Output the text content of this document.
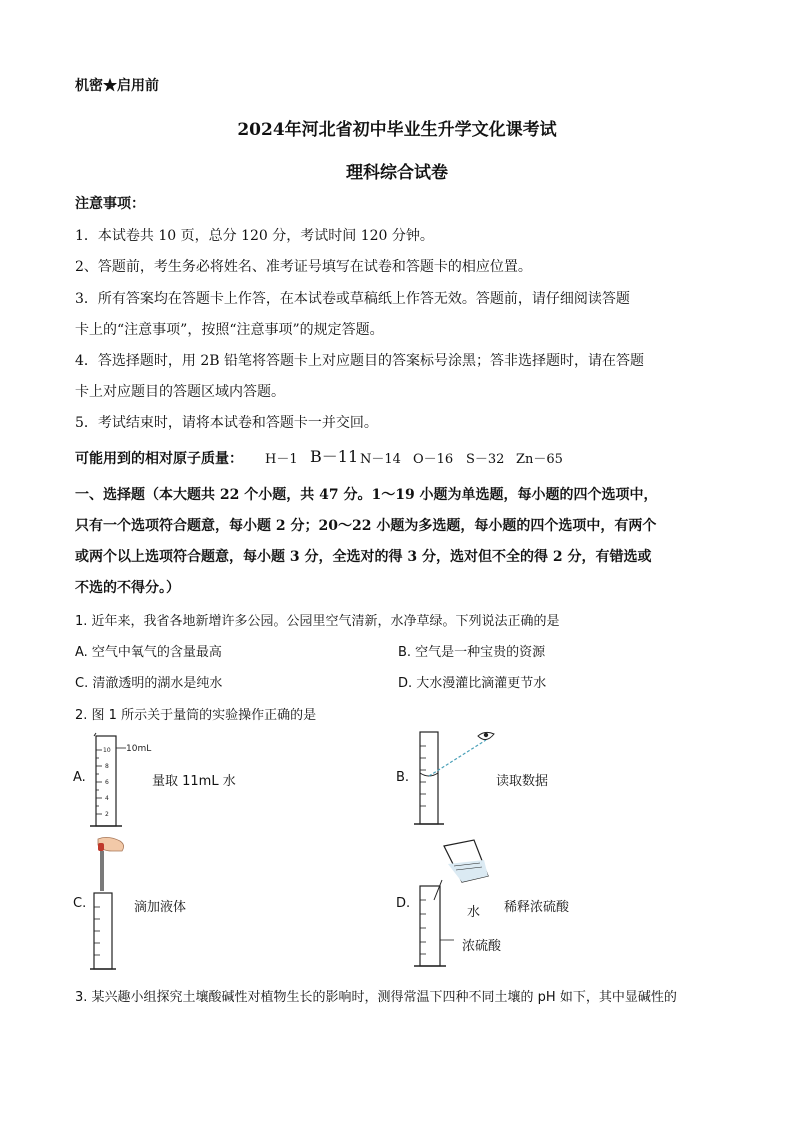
机密★启用前
2024年河北省初中毕业生升学文化课考试
理科综合试卷
注意事项：
1．本试卷共 10 页，总分 120 分，考试时间 120 分钟。
2、答题前，考生务必将姓名、准考证号填写在试卷和答题卡的相应位置。
3．所有答案均在答题卡上作答，在本试卷或草稿纸上作答无效。答题前，请仔细阅读答题
卡上的“注意事项”，按照“注意事项”的规定答题。
4．答选择题时，用 2B 铅笔将答题卡上对应题目的答案标号涂黑；答非选择题时，请在答题
卡上对应题目的答题区域内答题。
5．考试结束时，请将本试卷和答题卡一并交回。
可能用到的相对原子质量： H－1 B－11 N－14 O－16 S－32 Zn－65
一、选择题（本大题共 22 个小题，共 47 分。1～19 小题为单选题，每小题的四个选项中，
只有一个选项符合题意，每小题 2 分；20～22 小题为多选题，每小题的四个选项中，有两个
或两个以上选项符合题意，每小题 3 分，全选对的得 3 分，选对但不全的得 2 分，有错选或
不选的不得分。）
1. 近年来，我省各地新增许多公园。公园里空气清新，水净草绿。下列说法正确的是
A. 空气中氧气的含量最高	B. 空气是一种宝贵的资源
C. 清澈透明的湖水是纯水	D. 大水漫灌比滴灌更节水
2. 图 1 所示关于量筒的实验操作正确的是
A.
10
8
6
4
2
10mL
量取 11mL 水	B.	读取数据
C.	滴加液体	D.
水 稀释浓硫酸
浓硫酸
3. 某兴趣小组探究土壤酸碱性对植物生长的影响时，测得常温下四种不同土壤的 pH 如下，其中显碱性的
